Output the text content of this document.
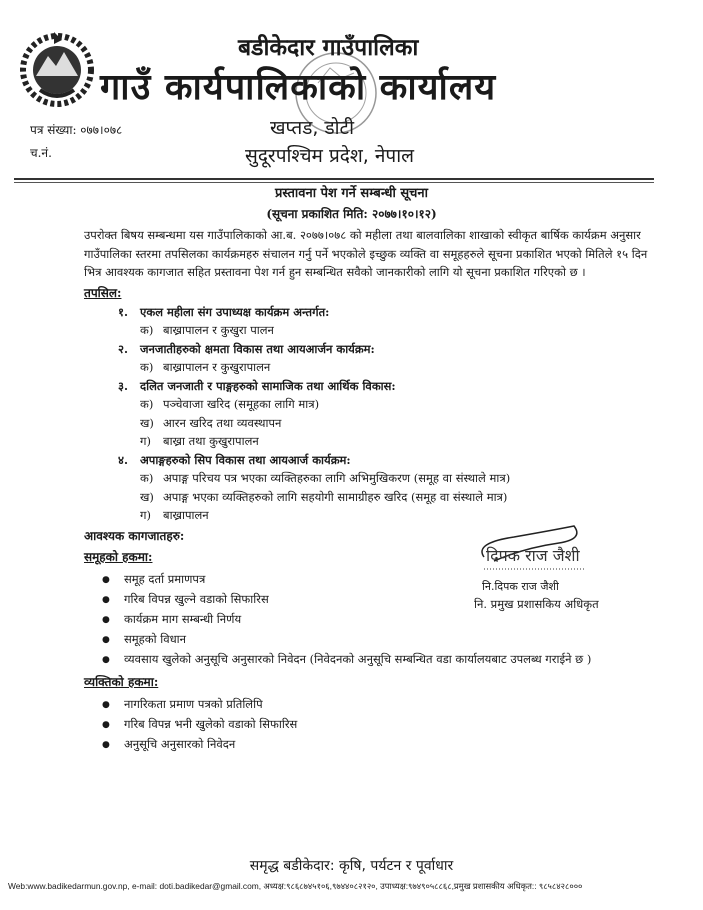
बडीकेदार गाउँपालिका
गाउँ कार्यपालिकाको कार्यालय
खप्तड, डोटी
सुदूरपश्चिम प्रदेश, नेपाल
पत्र संख्या: ०७७।०७८
च.नं.
प्रस्तावना पेश गर्ने सम्बन्धी सूचना
(सूचना प्रकाशित मिति: २०७७।१०।१२)
उपरोक्त बिषय सम्बन्धमा यस गाउँपालिकाको आ.ब. २०७७।०७८ को महीला तथा बालवालिका शाखाको स्वीकृत बार्षिक कार्यक्रम अनुसार गाउँपालिका स्तरमा तपसिलका कार्यक्रमहरु संचालन गर्नु पर्ने भएकोले इच्छुक व्यक्ति वा समूहहरुले सूचना प्रकाशित भएको मितिले १५ दिन भित्र आवश्यक कागजात सहित प्रस्तावना पेश गर्न हुन सम्बन्धित सवैको जानकारीको लागि यो सूचना प्रकाशित गरिएको छ ।
तपसिल:
१. एकल महीला संग उपाध्यक्ष कार्यक्रम अन्तर्गत:
क) बाख्रापालन र कुखुरा पालन
२. जनजातीहरुको क्षमता विकास तथा आयआर्जन कार्यक्रम:
क) बाख्रापालन र कुखुरापालन
३. दलित जनजाती र पाङ्गहरुको सामाजिक तथा आर्थिक विकास:
क) पञ्चेवाजा खरिद (समूहका लागि मात्र)
ख) आरन खरिद तथा व्यवस्थापन
ग) बाख्रा तथा कुखुरापालन
४. अपाङ्गहरुको सिप विकास तथा आयआर्ज कार्यक्रम:
क) अपाङ्ग परिचय पत्र भएका व्यक्तिहरुका लागि अभिमुखिकरण (समूह वा संस्थाले मात्र)
ख) अपाङ्ग भएका व्यक्तिहरुको लागि सहयोगी सामाग्रीहरु खरिद (समूह वा संस्थाले मात्र)
ग) बाख्रापालन
दिपक राज जैशी
नि.दिपक राज जैशी
नि. प्रमुख प्रशासकिय अधिकृत
आवश्यक कागजातहरु:
समूहको हकमा:
● समूह दर्ता प्रमाणपत्र
● गरिब विपन्न खुल्ने वडाको सिफारिस
● कार्यक्रम माग सम्बन्धी निर्णय
● समूहको विधान
● व्यवसाय खुलेको अनुसूचि अनुसारको निवेदन (निवेदनको अनुसूचि सम्बन्धित वडा कार्यालयबाट उपलब्ध गराईने छ )
व्यक्तिको हकमा:
● नागरिकता प्रमाण पत्रको प्रतिलिपि
● गरिब विपन्न भनी खुलेको वडाको सिफारिस
● अनुसूचि अनुसारको निवेदन
समृद्ध बडीकेदार: कृषि, पर्यटन र पूर्वाधार
Web:www.badikedarmun.gov.np, e-mail: doti.badikedar@gmail.com, अध्यक्ष:९८६८७४५१०६,९७४४०८२१२०, उपाध्यक्ष:९७४९०५८८६८,प्रमुख प्रशासकीय अधिकृत:: ९८५८४२८०००
